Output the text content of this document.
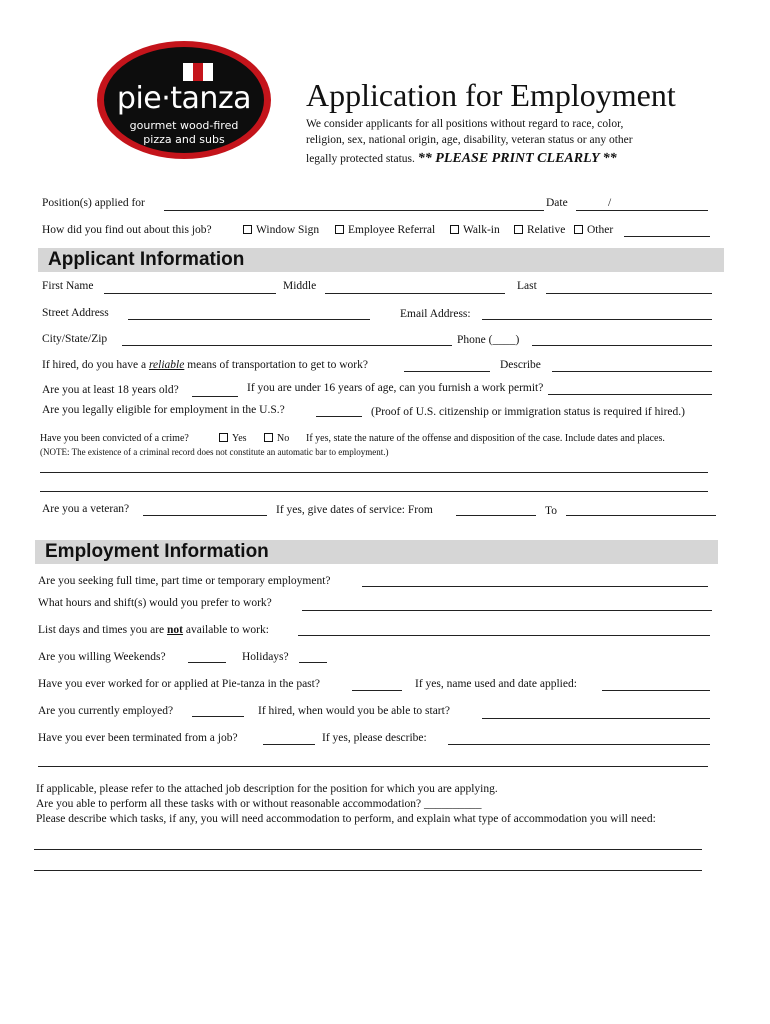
pie·tanza
gourmet wood-fired
pizza and subs
Application for Employment
We consider applicants for all positions without regard to race, color,
religion, sex, national origin, age, disability, veteran status or any other
legally protected status. ** PLEASE PRINT CLEARLY **
Position(s) applied for	Date	/
How did you find out about this job?	Window Sign	Employee Referral	Walk-in	Relative	Other
Applicant Information
First Name	Middle	Last
Street Address	Email Address:
City/State/Zip	Phone (____)
If hired, do you have a reliable means of transportation to get to work?	Describe
Are you at least 18 years old?	If you are under 16 years of age, can you furnish a work permit?
Are you legally eligible for employment in the U.S.?	(Proof of U.S. citizenship or immigration status is required if hired.)
Have you been convicted of a crime?	Yes	No If yes, state the nature of the offense and disposition of the case. Include dates and places.
(NOTE: The existence of a criminal record does not constitute an automatic bar to employment.)
Are you a veteran?	If yes, give dates of service: From	To
Employment Information
Are you seeking full time, part time or temporary employment?
What hours and shift(s) would you prefer to work?
List days and times you are not available to work:
Are you willing Weekends?	Holidays?
Have you ever worked for or applied at Pie-tanza in the past?	If yes, name used and date applied:
Are you currently employed?	If hired, when would you be able to start?
Have you ever been terminated from a job?	If yes, please describe:
If applicable, please refer to the attached job description for the position for which you are applying.
Are you able to perform all these tasks with or without reasonable accommodation? __________
Please describe which tasks, if any, you will need accommodation to perform, and explain what type of accommodation you will need:
